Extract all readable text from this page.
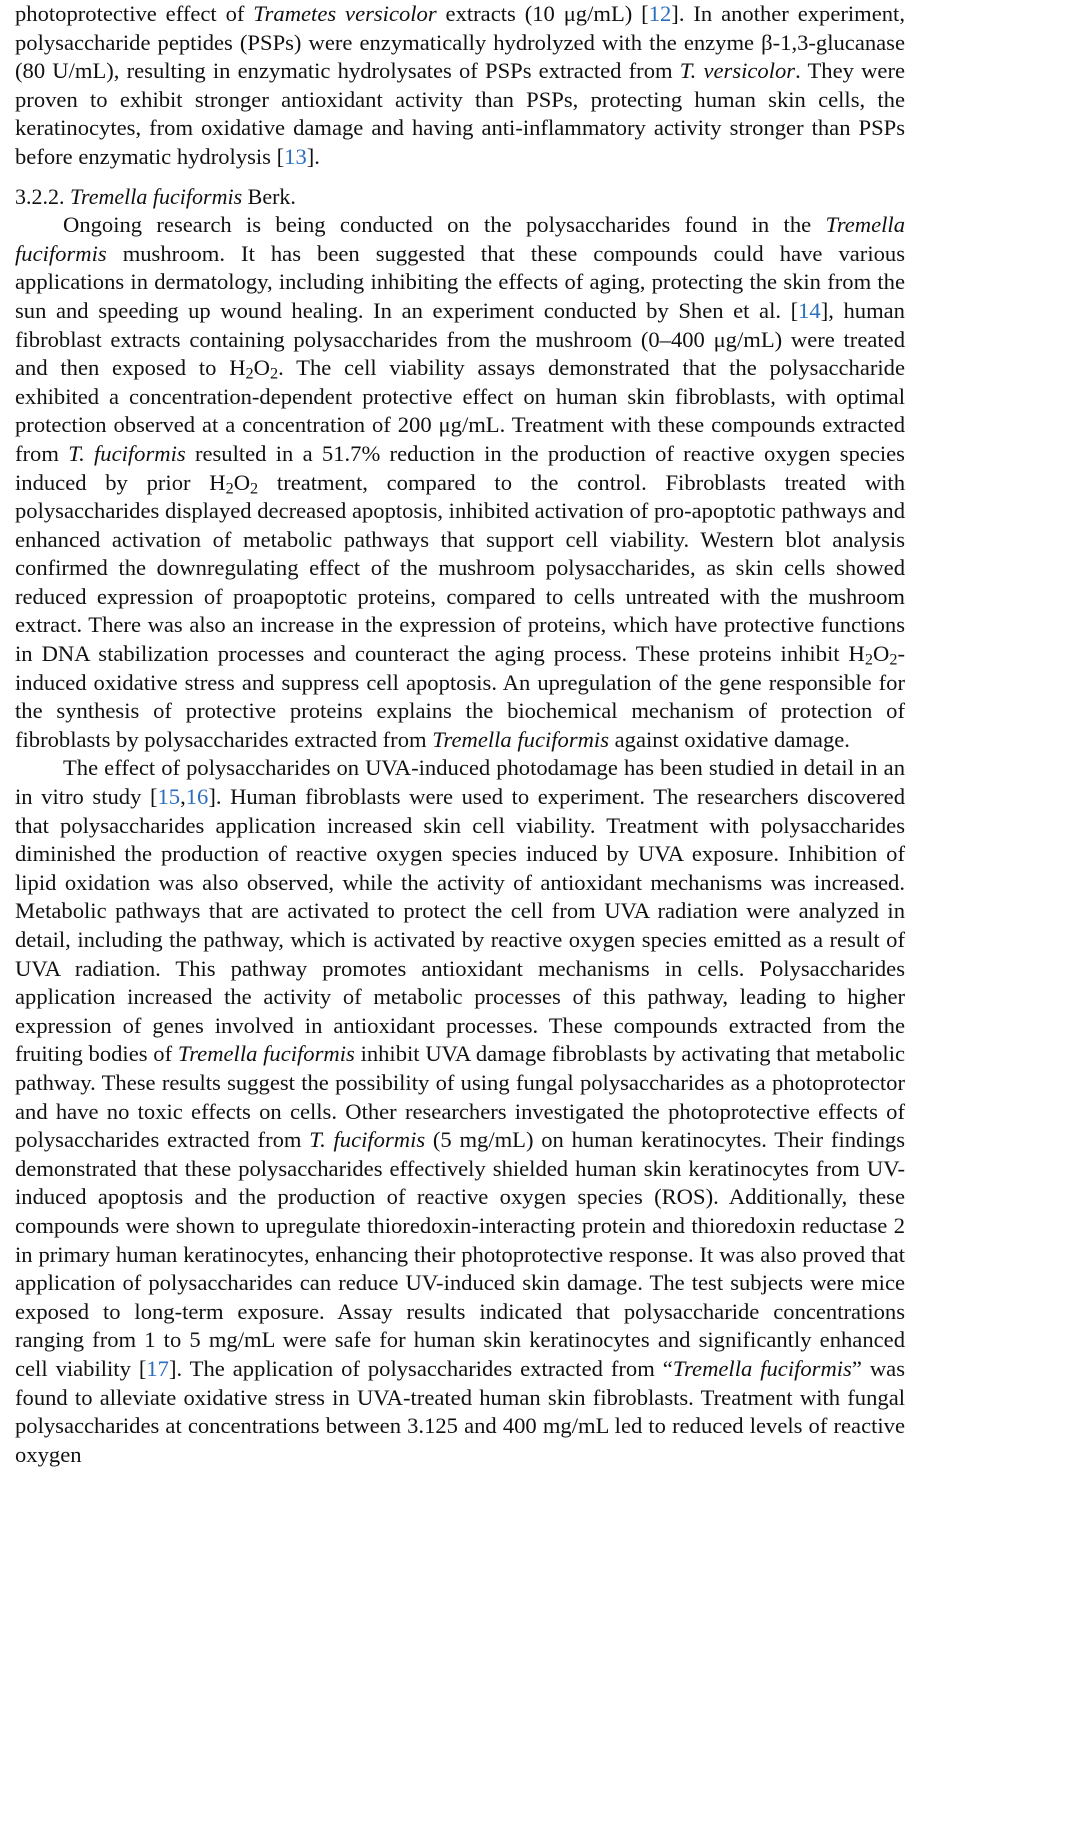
photoprotective effect of Trametes versicolor extracts (10 μg/mL) [12]. In another experiment, polysaccharide peptides (PSPs) were enzymatically hydrolyzed with the enzyme β-1,3-glucanase (80 U/mL), resulting in enzymatic hydrolysates of PSPs extracted from T. versicolor. They were proven to exhibit stronger antioxidant activity than PSPs, protecting human skin cells, the keratinocytes, from oxidative damage and having anti-inflammatory activity stronger than PSPs before enzymatic hydrolysis [13].

3.2.2. Tremella fuciformis Berk.

Ongoing research is being conducted on the polysaccharides found in the Tremella fuciformis mushroom. It has been suggested that these compounds could have various applications in dermatology, including inhibiting the effects of aging, protecting the skin from the sun and speeding up wound healing. In an experiment conducted by Shen et al. [14], human fibroblast extracts containing polysaccharides from the mushroom (0–400 μg/mL) were treated and then exposed to $H_2O_2$. The cell viability assays demonstrated that the polysaccharide exhibited a concentration-dependent protective effect on human skin fibroblasts, with optimal protection observed at a concentration of 200 μg/mL. Treatment with these compounds extracted from T. fuciformis resulted in a 51.7% reduction in the production of reactive oxygen species induced by prior $H_2O_2$ treatment, compared to the control. Fibroblasts treated with polysaccharides displayed decreased apoptosis, inhibited activation of pro-apoptotic pathways and enhanced activation of metabolic pathways that support cell viability. Western blot analysis confirmed the downregulating effect of the mushroom polysaccharides, as skin cells showed reduced expression of proapoptotic proteins, compared to cells untreated with the mushroom extract. There was also an increase in the expression of proteins, which have protective functions in DNA stabilization processes and counteract the aging process. These proteins inhibit $H_2O_2$-induced oxidative stress and suppress cell apoptosis. An upregulation of the gene responsible for the synthesis of protective proteins explains the biochemical mechanism of protection of fibroblasts by polysaccharides extracted from Tremella fuciformis against oxidative damage.

The effect of polysaccharides on UVA-induced photodamage has been studied in detail in an in vitro study [15,16]. Human fibroblasts were used to experiment. The researchers discovered that polysaccharides application increased skin cell viability. Treatment with polysaccharides diminished the production of reactive oxygen species induced by UVA exposure. Inhibition of lipid oxidation was also observed, while the activity of antioxidant mechanisms was increased. Metabolic pathways that are activated to protect the cell from UVA radiation were analyzed in detail, including the pathway, which is activated by reactive oxygen species emitted as a result of UVA radiation. This pathway promotes antioxidant mechanisms in cells. Polysaccharides application increased the activity of metabolic processes of this pathway, leading to higher expression of genes involved in antioxidant processes. These compounds extracted from the fruiting bodies of Tremella fuciformis inhibit UVA damage fibroblasts by activating that metabolic pathway. These results suggest the possibility of using fungal polysaccharides as a photoprotector and have no toxic effects on cells. Other researchers investigated the photoprotective effects of polysaccharides extracted from T. fuciformis (5 mg/mL) on human keratinocytes. Their findings demonstrated that these polysaccharides effectively shielded human skin keratinocytes from UV-induced apoptosis and the production of reactive oxygen species (ROS). Additionally, these compounds were shown to upregulate thioredoxin-interacting protein and thioredoxin reductase 2 in primary human keratinocytes, enhancing their photoprotective response. It was also proved that application of polysaccharides can reduce UV-induced skin damage. The test subjects were mice exposed to long-term exposure. Assay results indicated that polysaccharide concentrations ranging from 1 to 5 mg/mL were safe for human skin keratinocytes and significantly enhanced cell viability [17]. The application of polysaccharides extracted from “Tremella fuciformis” was found to alleviate oxidative stress in UVA-treated human skin fibroblasts. Treatment with fungal polysaccharides at concentrations between 3.125 and 400 mg/mL led to reduced levels of reactive oxygen
